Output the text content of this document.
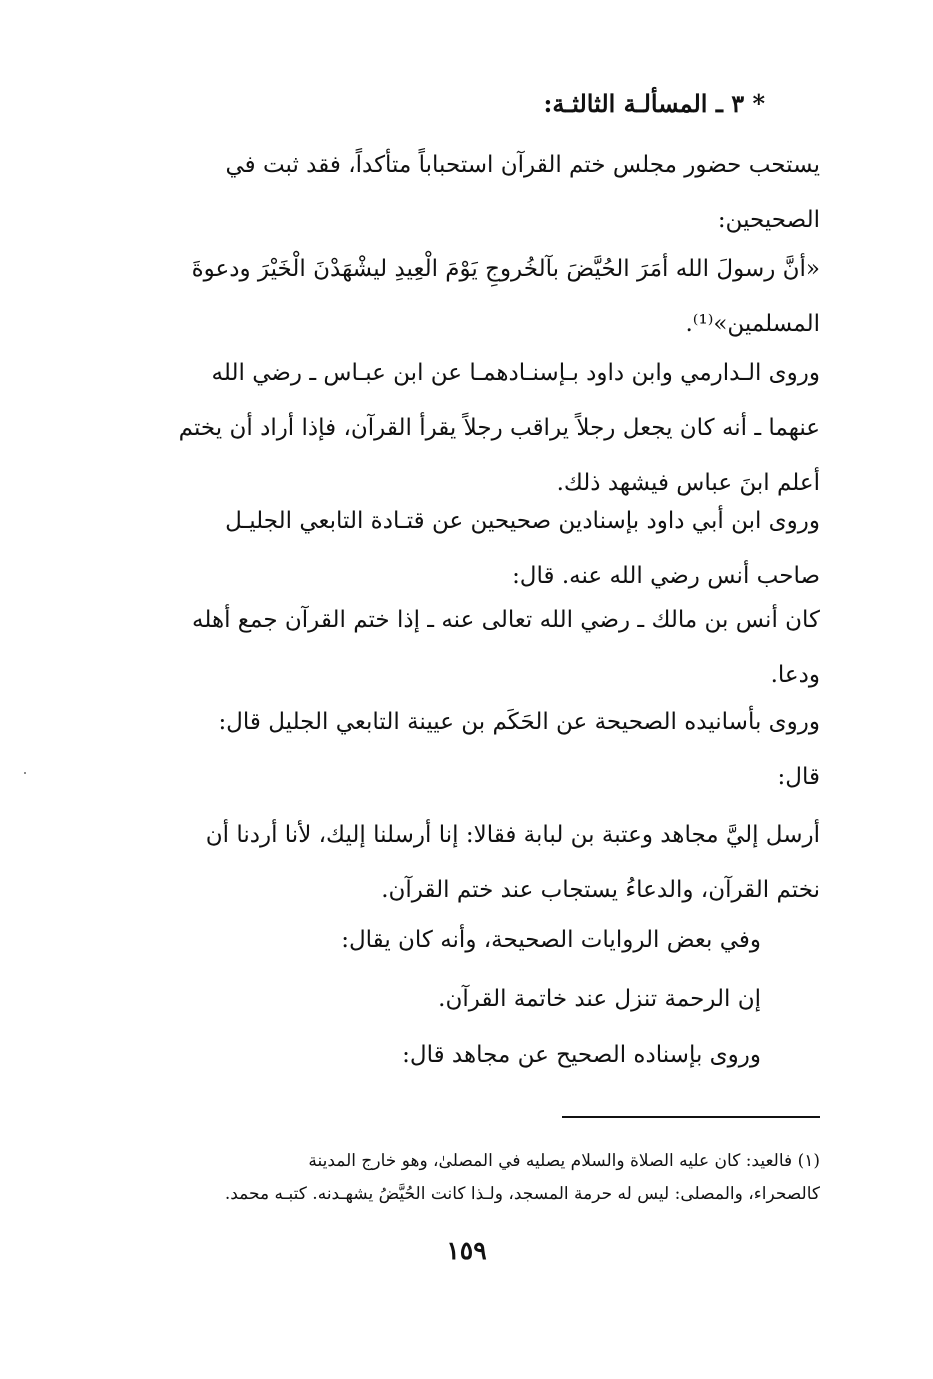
* ٣ ـ المسألـة الثالثـة:
يستحب حضور مجلس ختم القرآن استحباباً متأكداً، فقد ثبت في
الصحيحين:
«أنَّ رسولَ الله أمَرَ الحُيَّضَ بآلخُروجِ يَوْمَ الْعِيدِ ليشْهَدْنَ الْخَيْرَ ودعوةَ
المسلمين»⁽¹⁾.
وروى الـدارمي وابن داود بـإسنـادهمـا عن ابن عبـاس ـ رضي الله
عنهما ـ أنه كان يجعل رجلاً يراقب رجلاً يقرأ القرآن، فإذا أراد أن يختم
أعلم ابنَ عباس فيشهد ذلك.
وروى ابن أبي داود بإسنادين صحيحين عن قتـادة التابعي الجليـل
صاحب أنس رضي الله عنه. قال:
كان أنس بن مالك ـ رضي الله تعالى عنه ـ إذا ختم القرآن جمع أهله
ودعا.
وروى بأسانيده الصحيحة عن الحَكَم بن عيينة التابعي الجليل قال:
قال:
أرسل إليَّ مجاهد وعتبة بن لبابة فقالا: إنا أرسلنا إليك، لأنا أردنا أن
نختم القرآن، والدعاءُ يستجاب عند ختم القرآن.
وفي بعض الروايات الصحيحة، وأنه كان يقال:
إن الرحمة تنزل عند خاتمة القرآن.
وروى بإسناده الصحيح عن مجاهد قال:
(١) فالعيد: كان عليه الصلاة والسلام يصليه في المصلىٰ، وهو خارج المدينة
كالصحراء، والمصلى: ليس له حرمة المسجد، ولـذا كانت الحُيَّضُ يشهـدنه. كتبـه محمد.
١٥٩
